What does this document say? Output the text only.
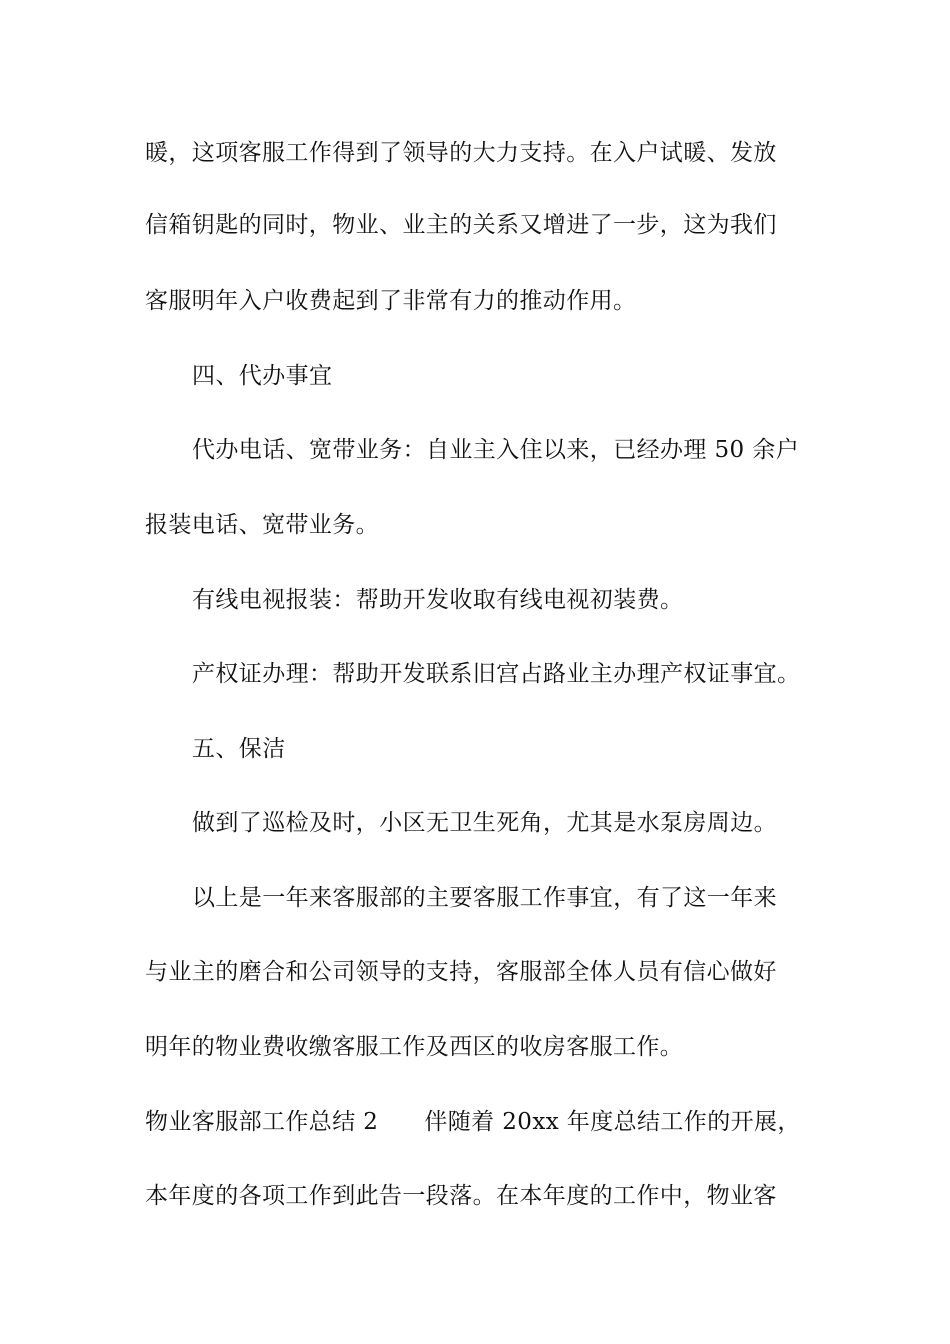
暖，这项客服工作得到了领导的大力支持。在入户试暖、发放
信箱钥匙的同时，物业、业主的关系又增进了一步，这为我们
客服明年入户收费起到了非常有力的推动作用。
四、代办事宜
代办电话、宽带业务：自业主入住以来，已经办理 50 余户
报装电话、宽带业务。
有线电视报装：帮助开发收取有线电视初装费。
产权证办理：帮助开发联系旧宫占路业主办理产权证事宜。
五、保洁
做到了巡检及时，小区无卫生死角，尤其是水泵房周边。
以上是一年来客服部的主要客服工作事宜，有了这一年来
与业主的磨合和公司领导的支持，客服部全体人员有信心做好
明年的物业费收缴客服工作及西区的收房客服工作。
物业客服部工作总结 2 伴随着 20xx 年度总结工作的开展，
本年度的各项工作到此告一段落。在本年度的工作中，物业客
